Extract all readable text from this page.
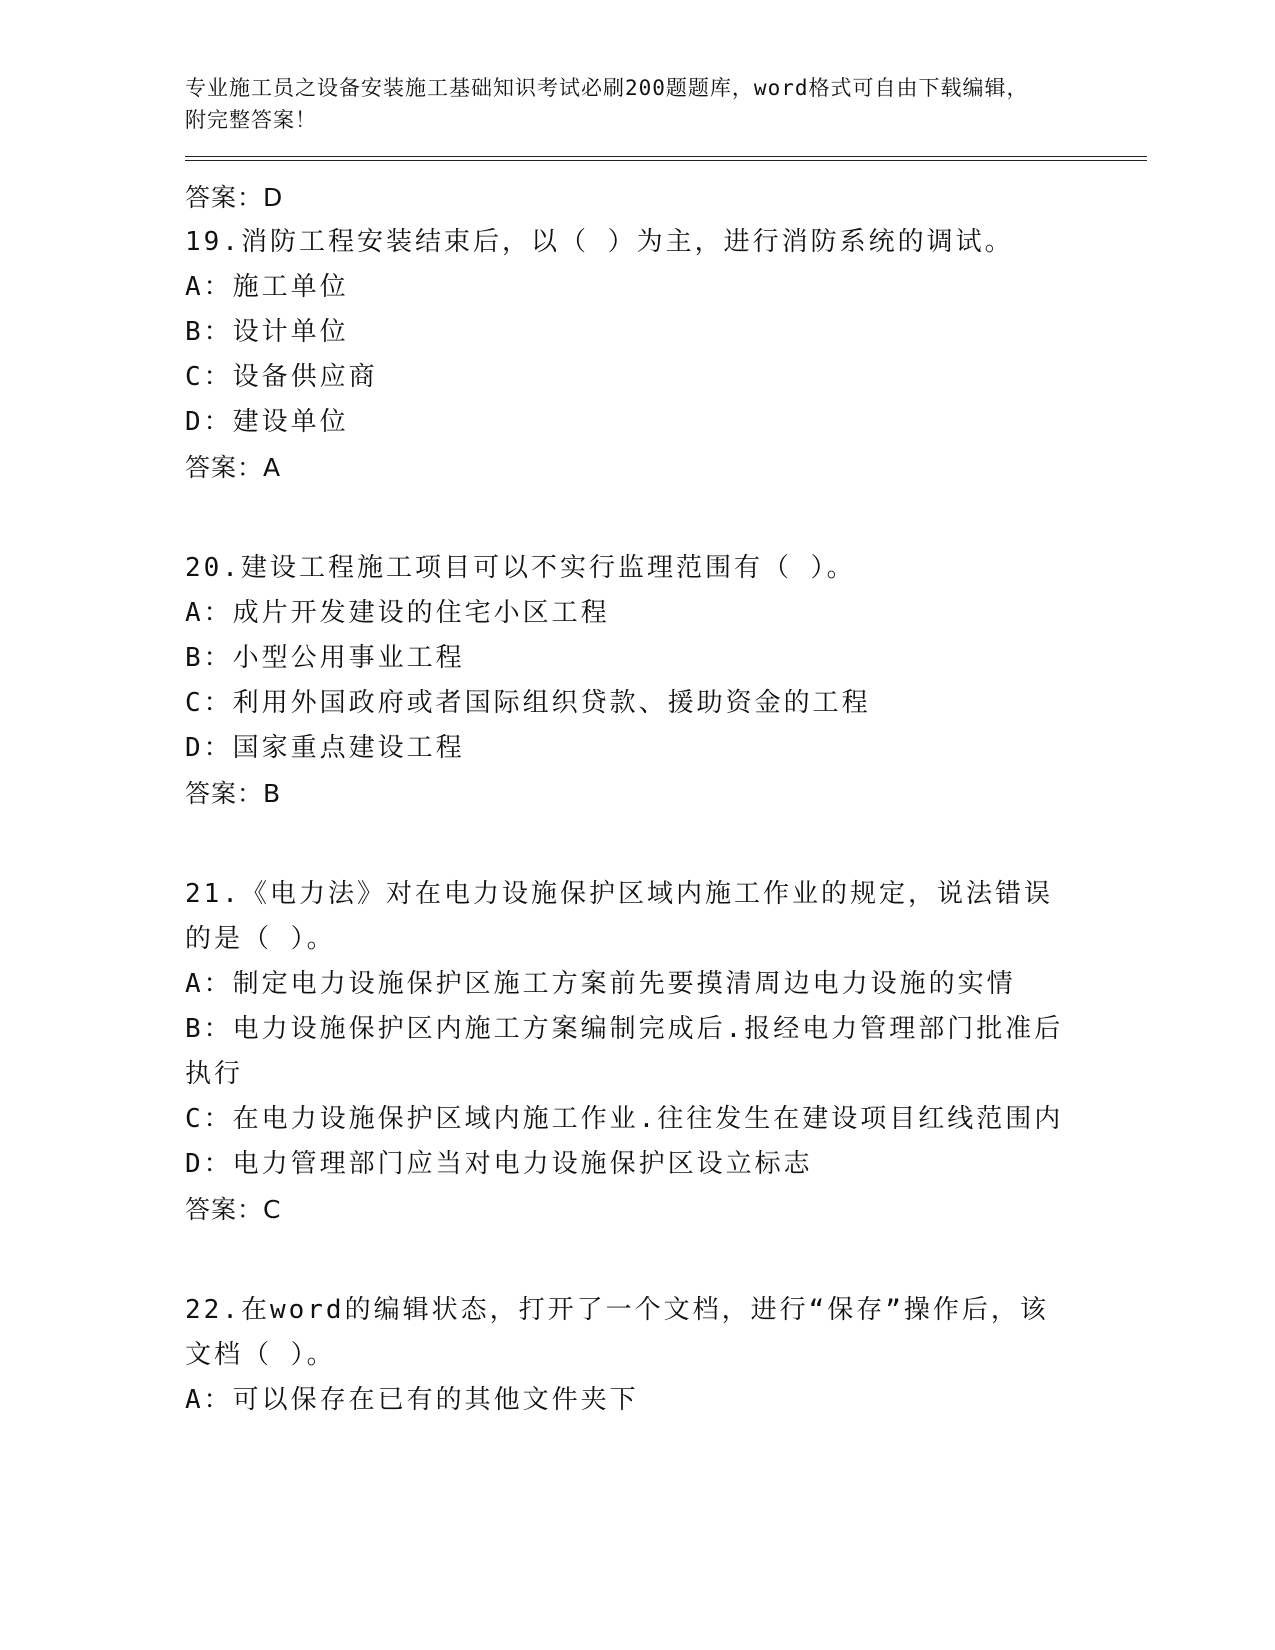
专业施工员之设备安装施工基础知识考试必刷200题题库，word格式可自由下载编辑，附完整答案！
答案：D
19.消防工程安装结束后，以（ ）为主，进行消防系统的调试。
A：施工单位
B：设计单位
C：设备供应商
D：建设单位
答案：A
20.建设工程施工项目可以不实行监理范围有（ ）。
A：成片开发建设的住宅小区工程
B：小型公用事业工程
C：利用外国政府或者国际组织贷款、援助资金的工程
D：国家重点建设工程
答案：B
21.《电力法》对在电力设施保护区域内施工作业的规定，说法错误的是（ ）。
A：制定电力设施保护区施工方案前先要摸清周边电力设施的实情
B：电力设施保护区内施工方案编制完成后.报经电力管理部门批准后执行
C：在电力设施保护区域内施工作业.往往发生在建设项目红线范围内
D：电力管理部门应当对电力设施保护区设立标志
答案：C
22.在word的编辑状态，打开了一个文档，进行“保存”操作后，该文档（ ）。
A：可以保存在已有的其他文件夹下
